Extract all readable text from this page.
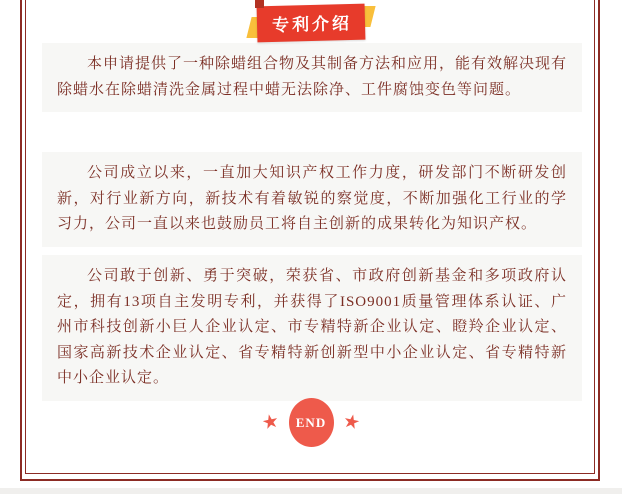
专利介绍

本申请提供了一种除蜡组合物及其制备方法和应用，能有效解决现有除蜡水在除蜡清洗金属过程中蜡无法除净、工件腐蚀变色等问题。

公司成立以来，一直加大知识产权工作力度，研发部门不断研发创新，对行业新方向，新技术有着敏锐的察觉度，不断加强化工行业的学习力，公司一直以来也鼓励员工将自主创新的成果转化为知识产权。

公司敢于创新、勇于突破，荣获省、市政府创新基金和多项政府认定，拥有13项自主发明专利，并获得了ISO9001质量管理体系认证、广州市科技创新小巨人企业认定、市专精特新企业认定、瞪羚企业认定、国家高新技术企业认定、省专精特新创新型中小企业认定、省专精特新中小企业认定。

★ END ★
